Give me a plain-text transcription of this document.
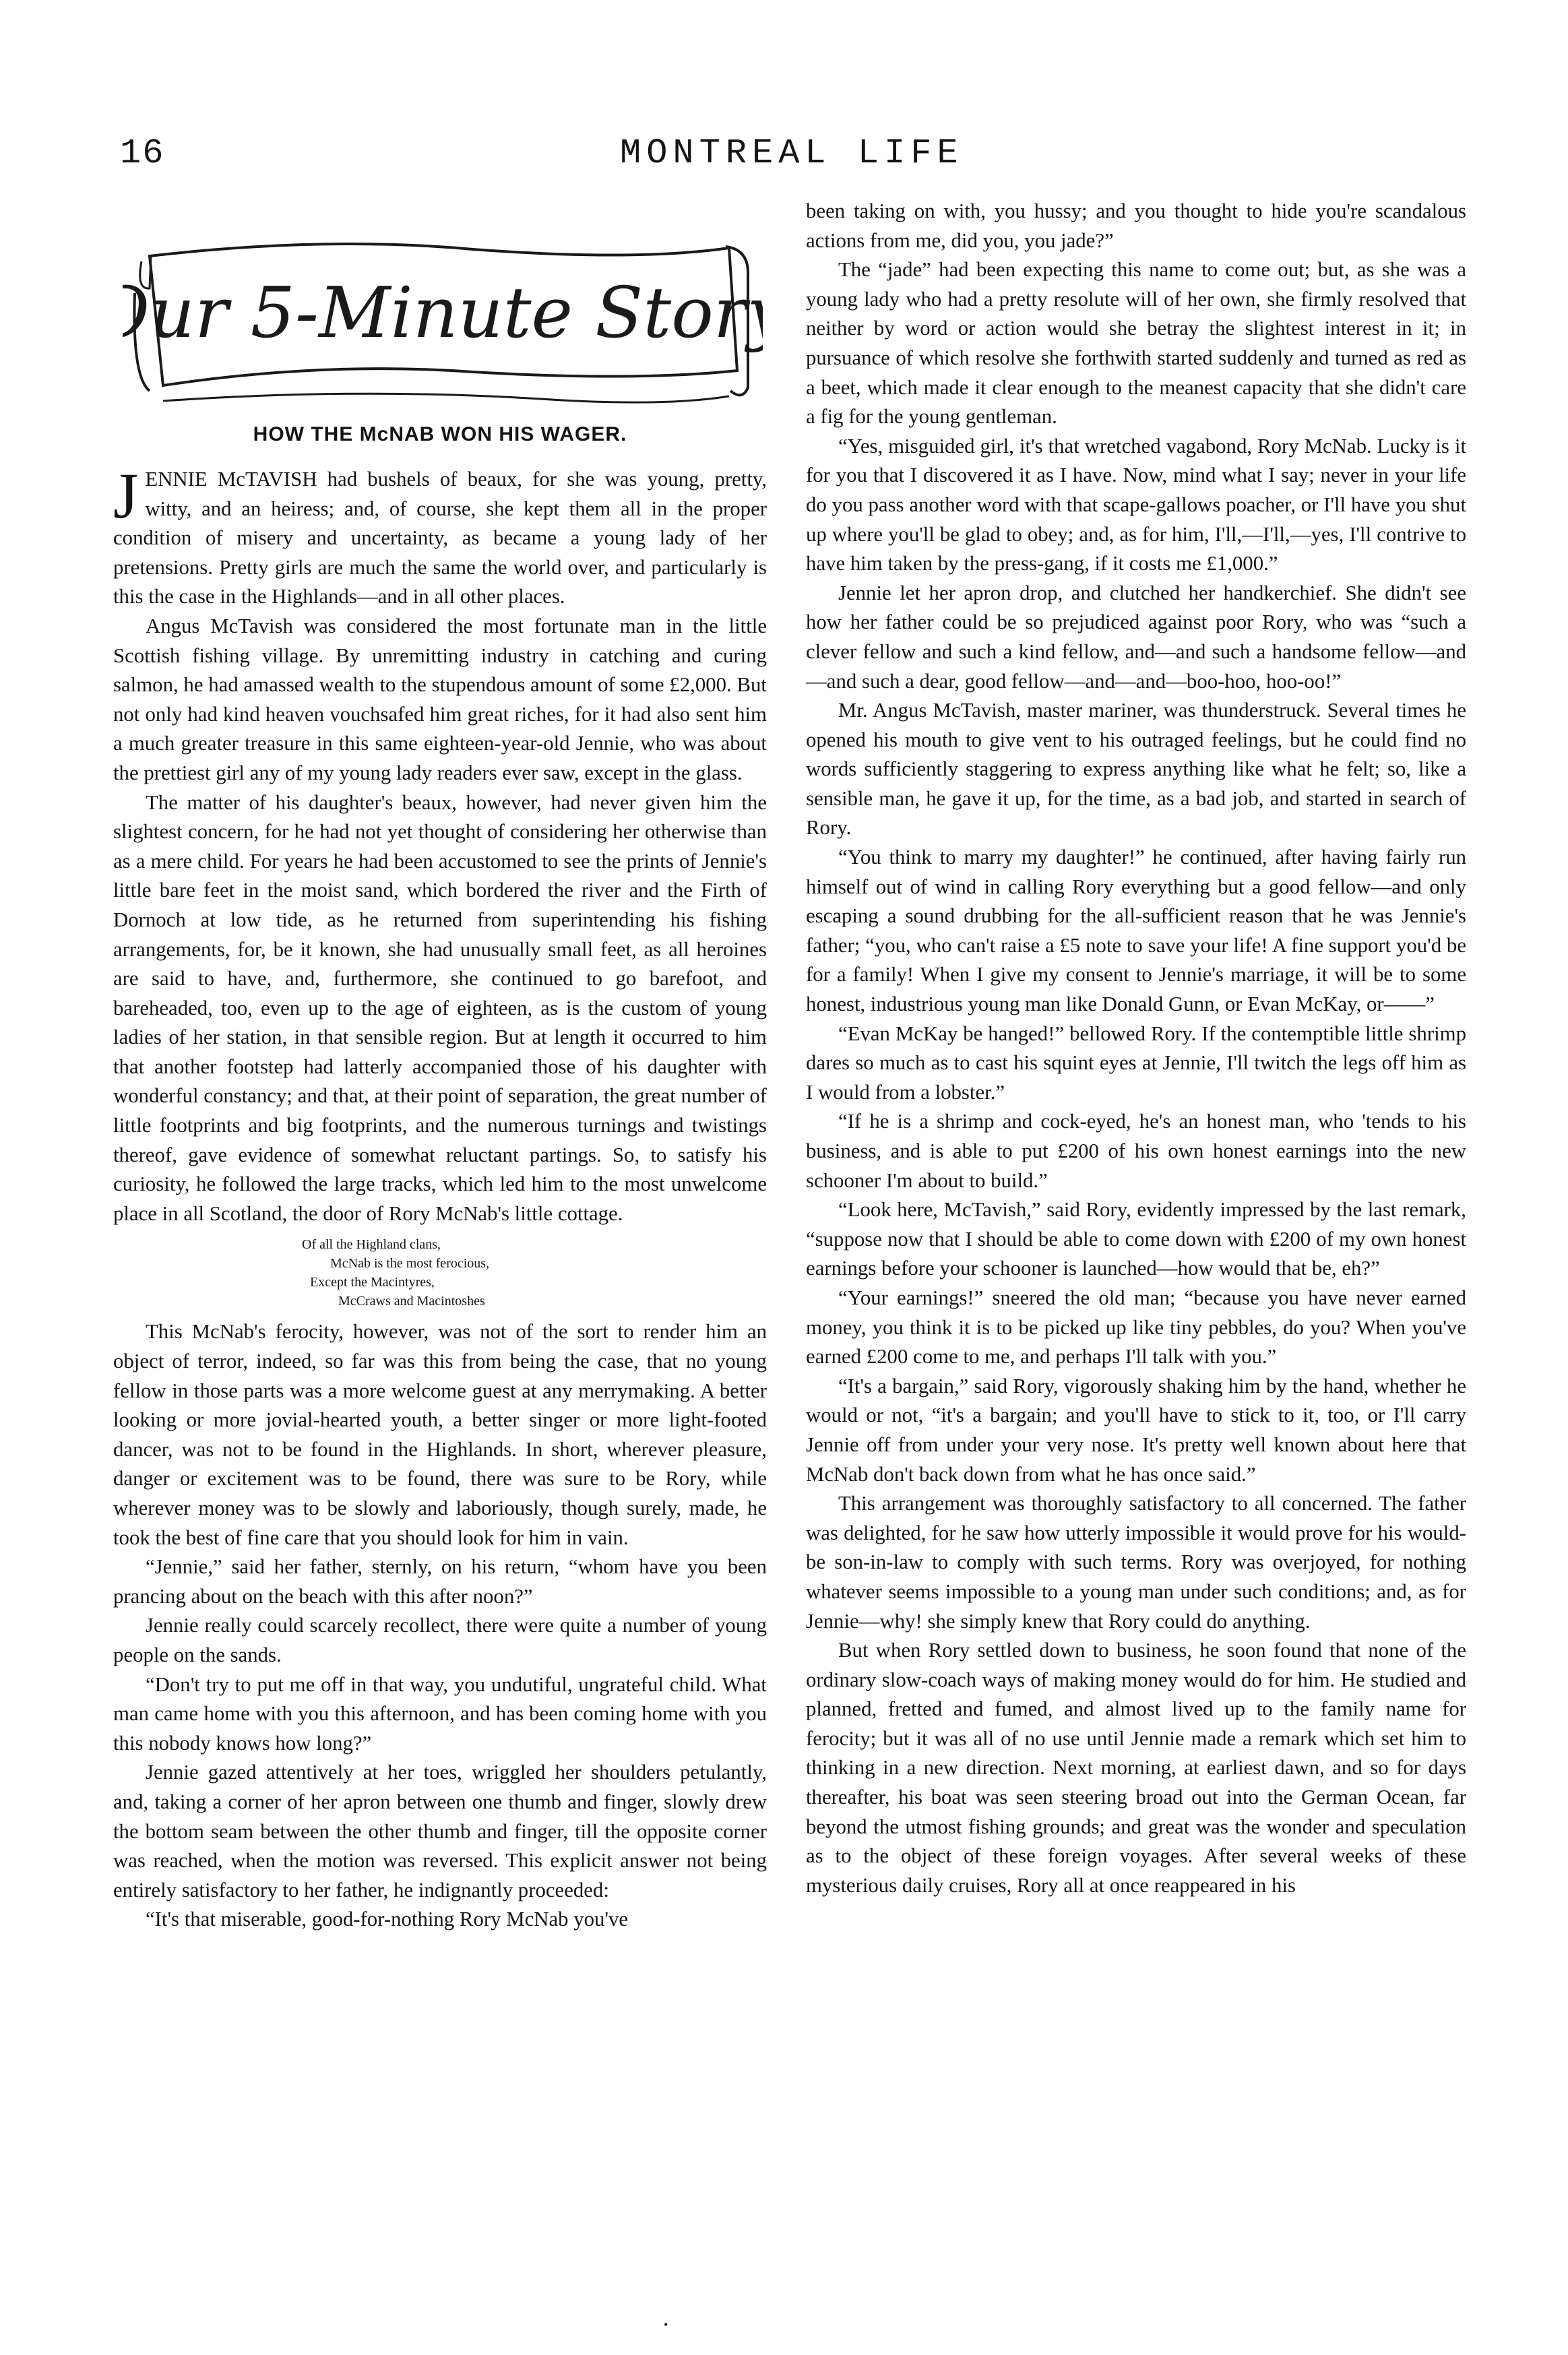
16	MONTREAL LIFE
Our 5-Minute Story
HOW THE McNAB WON HIS WAGER.

JENNIE McTAVISH had bushels of beaux, for she was young, pretty, witty, and an heiress; and, of course, she kept them all in the proper condition of misery and uncertainty, as became a young lady of her pretensions. Pretty girls are much the same the world over, and particularly is this the case in the Highlands—and in all other places.

Angus McTavish was considered the most fortunate man in the little Scottish fishing village. By unremitting industry in catching and curing salmon, he had amassed wealth to the stupendous amount of some £2,000. But not only had kind heaven vouchsafed him great riches, for it had also sent him a much greater treasure in this same eighteen-year-old Jennie, who was about the prettiest girl any of my young lady readers ever saw, except in the glass.

The matter of his daughter's beaux, however, had never given him the slightest concern, for he had not yet thought of considering her otherwise than as a mere child. For years he had been accustomed to see the prints of Jennie's little bare feet in the moist sand, which bordered the river and the Firth of Dornoch at low tide, as he returned from superintending his fishing arrangements, for, be it known, she had unusually small feet, as all heroines are said to have, and, furthermore, she continued to go barefoot, and bareheaded, too, even up to the age of eighteen, as is the custom of young ladies of her station, in that sensible region. But at length it occurred to him that another footstep had latterly accompanied those of his daughter with wonderful constancy; and that, at their point of separation, the great number of little footprints and big footprints, and the numerous turnings and twistings thereof, gave evidence of somewhat reluctant partings. So, to satisfy his curiosity, he followed the large tracks, which led him to the most unwelcome place in all Scotland, the door of Rory McNab's little cottage.

Of all the Highland clans,
McNab is the most ferocious,
Except the Macintyres,
McCraws and Macintoshes

This McNab's ferocity, however, was not of the sort to render him an object of terror, indeed, so far was this from being the case, that no young fellow in those parts was a more welcome guest at any merrymaking. A better looking or more jovial-hearted youth, a better singer or more light-footed dancer, was not to be found in the Highlands. In short, wherever pleasure, danger or excitement was to be found, there was sure to be Rory, while wherever money was to be slowly and laboriously, though surely, made, he took the best of fine care that you should look for him in vain.

“Jennie,” said her father, sternly, on his return, “whom have you been prancing about on the beach with this after noon?”

Jennie really could scarcely recollect, there were quite a number of young people on the sands.

“Don't try to put me off in that way, you undutiful, ungrateful child. What man came home with you this afternoon, and has been coming home with you this nobody knows how long?”

Jennie gazed attentively at her toes, wriggled her shoulders petulantly, and, taking a corner of her apron between one thumb and finger, slowly drew the bottom seam between the other thumb and finger, till the opposite corner was reached, when the motion was reversed. This explicit answer not being entirely satisfactory to her father, he indignantly proceeded:

“It's that miserable, good-for-nothing Rory McNab you've

been taking on with, you hussy; and you thought to hide you're scandalous actions from me, did you, you jade?”

The “jade” had been expecting this name to come out; but, as she was a young lady who had a pretty resolute will of her own, she firmly resolved that neither by word or action would she betray the slightest interest in it; in pursuance of which resolve she forthwith started suddenly and turned as red as a beet, which made it clear enough to the meanest capacity that she didn't care a fig for the young gentleman.

“Yes, misguided girl, it's that wretched vagabond, Rory McNab. Lucky is it for you that I discovered it as I have. Now, mind what I say; never in your life do you pass another word with that scape-gallows poacher, or I'll have you shut up where you'll be glad to obey; and, as for him, I'll,—I'll,—yes, I'll contrive to have him taken by the press-gang, if it costs me £1,000.”

Jennie let her apron drop, and clutched her handkerchief. She didn't see how her father could be so prejudiced against poor Rory, who was “such a clever fellow and such a kind fellow, and—and such a handsome fellow—and—and such a dear, good fellow—and—and—boo-hoo, hoo-oo!”

Mr. Angus McTavish, master mariner, was thunderstruck. Several times he opened his mouth to give vent to his outraged feelings, but he could find no words sufficiently staggering to express anything like what he felt; so, like a sensible man, he gave it up, for the time, as a bad job, and started in search of Rory.

“You think to marry my daughter!” he continued, after having fairly run himself out of wind in calling Rory everything but a good fellow—and only escaping a sound drubbing for the all-sufficient reason that he was Jennie's father; “you, who can't raise a £5 note to save your life! A fine support you'd be for a family! When I give my consent to Jennie's marriage, it will be to some honest, industrious young man like Donald Gunn, or Evan McKay, or——”

“Evan McKay be hanged!” bellowed Rory. If the contemptible little shrimp dares so much as to cast his squint eyes at Jennie, I'll twitch the legs off him as I would from a lobster.”

“If he is a shrimp and cock-eyed, he's an honest man, who 'tends to his business, and is able to put £200 of his own honest earnings into the new schooner I'm about to build.”

“Look here, McTavish,” said Rory, evidently impressed by the last remark, “suppose now that I should be able to come down with £200 of my own honest earnings before your schooner is launched—how would that be, eh?”

“Your earnings!” sneered the old man; “because you have never earned money, you think it is to be picked up like tiny pebbles, do you? When you've earned £200 come to me, and perhaps I'll talk with you.”

“It's a bargain,” said Rory, vigorously shaking him by the hand, whether he would or not, “it's a bargain; and you'll have to stick to it, too, or I'll carry Jennie off from under your very nose. It's pretty well known about here that McNab don't back down from what he has once said.”

This arrangement was thoroughly satisfactory to all concerned. The father was delighted, for he saw how utterly impossible it would prove for his would-be son-in-law to comply with such terms. Rory was overjoyed, for nothing whatever seems impossible to a young man under such conditions; and, as for Jennie—why! she simply knew that Rory could do anything.

But when Rory settled down to business, he soon found that none of the ordinary slow-coach ways of making money would do for him. He studied and planned, fretted and fumed, and almost lived up to the family name for ferocity; but it was all of no use until Jennie made a remark which set him to thinking in a new direction. Next morning, at earliest dawn, and so for days thereafter, his boat was seen steering broad out into the German Ocean, far beyond the utmost fishing grounds; and great was the wonder and speculation as to the object of these foreign voyages. After several weeks of these mysterious daily cruises, Rory all at once reappeared in his

•
